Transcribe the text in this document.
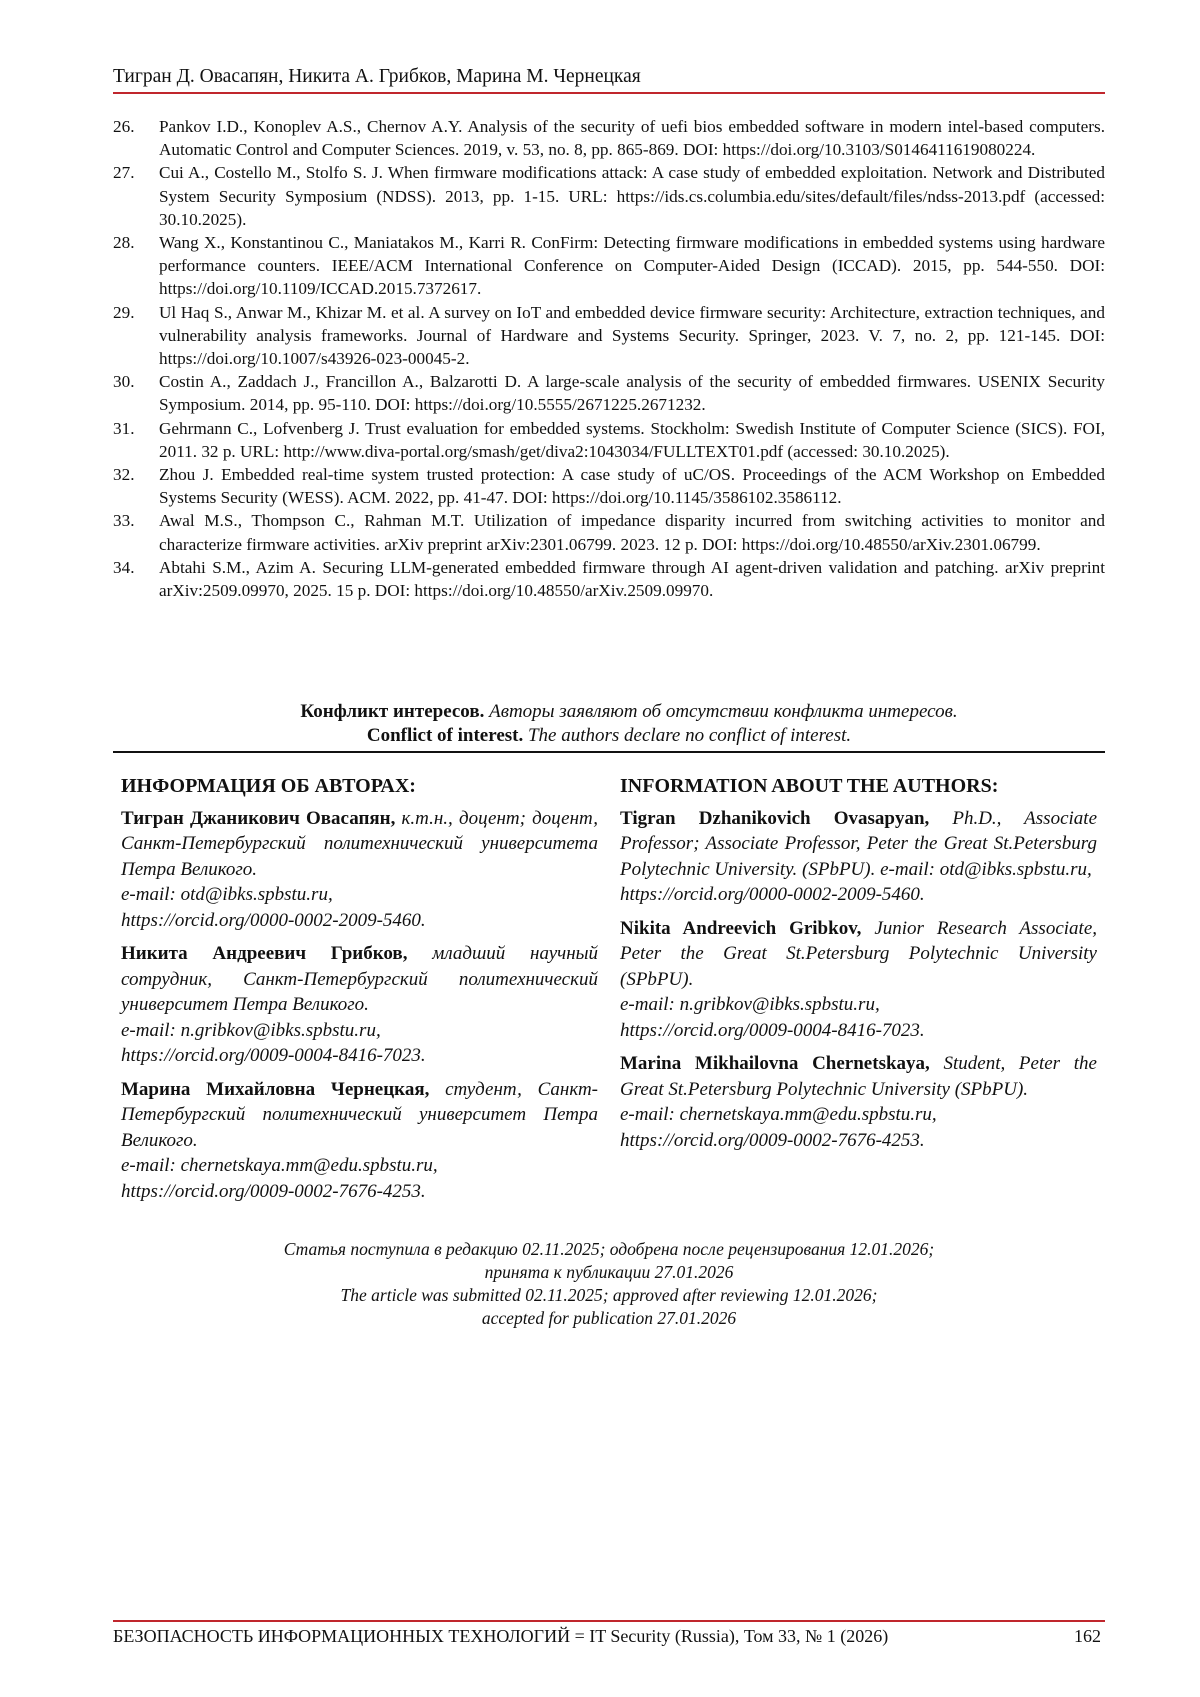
Тигран Д. Овасапян, Никита А. Грибков, Марина М. Чернецкая
26.	Pankov I.D., Konoplev A.S., Chernov A.Y. Analysis of the security of uefi bios embedded software in modern intel-based computers. Automatic Control and Computer Sciences. 2019, v. 53, no. 8, pp. 865-869. DOI: https://doi.org/10.3103/S0146411619080224.
27.	Cui A., Costello M., Stolfo S. J. When firmware modifications attack: A case study of embedded exploitation. Network and Distributed System Security Symposium (NDSS). 2013, pp. 1-15. URL: https://ids.cs.columbia.edu/sites/default/files/ndss-2013.pdf (accessed: 30.10.2025).
28.	Wang X., Konstantinou C., Maniatakos M., Karri R. ConFirm: Detecting firmware modifications in embedded systems using hardware performance counters. IEEE/ACM International Conference on Computer-Aided Design (ICCAD). 2015, pp. 544-550. DOI: https://doi.org/10.1109/ICCAD.2015.7372617.
29.	Ul Haq S., Anwar M., Khizar M. et al. A survey on IoT and embedded device firmware security: Architecture, extraction techniques, and vulnerability analysis frameworks. Journal of Hardware and Systems Security. Springer, 2023. V. 7, no. 2, pp. 121-145. DOI: https://doi.org/10.1007/s43926-023-00045-2.
30.	Costin A., Zaddach J., Francillon A., Balzarotti D. A large-scale analysis of the security of embedded firmwares. USENIX Security Symposium. 2014, pp. 95-110. DOI: https://doi.org/10.5555/2671225.2671232.
31.	Gehrmann C., Lofvenberg J. Trust evaluation for embedded systems. Stockholm: Swedish Institute of Computer Science (SICS). FOI, 2011. 32 p. URL: http://www.diva-portal.org/smash/get/diva2:1043034/FULLTEXT01.pdf (accessed: 30.10.2025).
32.	Zhou J. Embedded real-time system trusted protection: A case study of uC/OS. Proceedings of the ACM Workshop on Embedded Systems Security (WESS). ACM. 2022, pp. 41-47. DOI: https://doi.org/10.1145/3586102.3586112.
33.	Awal M.S., Thompson C., Rahman M.T. Utilization of impedance disparity incurred from switching activities to monitor and characterize firmware activities. arXiv preprint arXiv:2301.06799. 2023. 12 p. DOI: https://doi.org/10.48550/arXiv.2301.06799.
34.	Abtahi S.M., Azim A. Securing LLM-generated embedded firmware through AI agent-driven validation and patching. arXiv preprint arXiv:2509.09970, 2025. 15 p. DOI: https://doi.org/10.48550/arXiv.2509.09970.
Конфликт интересов. Авторы заявляют об отсутствии конфликта интересов.
Conflict of interest. The authors declare no conflict of interest.
ИНФОРМАЦИЯ ОБ АВТОРАХ:
Тигран Джаникович Овасапян, к.т.н., доцент; доцент, Санкт-Петербургский политехнический университета Петра Великого.
e-mail: otd@ibks.spbstu.ru,
https://orcid.org/0000-0002-2009-5460.
Никита Андреевич Грибков, младший научный сотрудник, Санкт-Петербургский политехнический университет Петра Великого.
e-mail: n.gribkov@ibks.spbstu.ru,
https://orcid.org/0009-0004-8416-7023.
Марина Михайловна Чернецкая, студент, Санкт-Петербургский политехнический университет Петра Великого.
e-mail: chernetskaya.mm@edu.spbstu.ru,
https://orcid.org/0009-0002-7676-4253.
INFORMATION ABOUT THE AUTHORS:
Tigran Dzhanikovich Ovasapyan, Ph.D., Associate Professor; Associate Professor, Peter the Great St.Petersburg Polytechnic University. (SPbPU). e-mail: otd@ibks.spbstu.ru,
https://orcid.org/0000-0002-2009-5460.
Nikita Andreevich Gribkov, Junior Research Associate, Peter the Great St.Petersburg Polytechnic University (SPbPU).
e-mail: n.gribkov@ibks.spbstu.ru,
https://orcid.org/0009-0004-8416-7023.
Marina Mikhailovna Chernetskaya, Student, Peter the Great St.Petersburg Polytechnic University (SPbPU).
e-mail: chernetskaya.mm@edu.spbstu.ru,
https://orcid.org/0009-0002-7676-4253.
Статья поступила в редакцию 02.11.2025; одобрена после рецензирования 12.01.2026;
принята к публикации 27.01.2026
The article was submitted 02.11.2025; approved after reviewing 12.01.2026;
accepted for publication 27.01.2026
БЕЗОПАСНОСТЬ ИНФОРМАЦИОННЫХ ТЕХНОЛОГИЙ = IT Security (Russia), Том 33, № 1 (2026)	162
